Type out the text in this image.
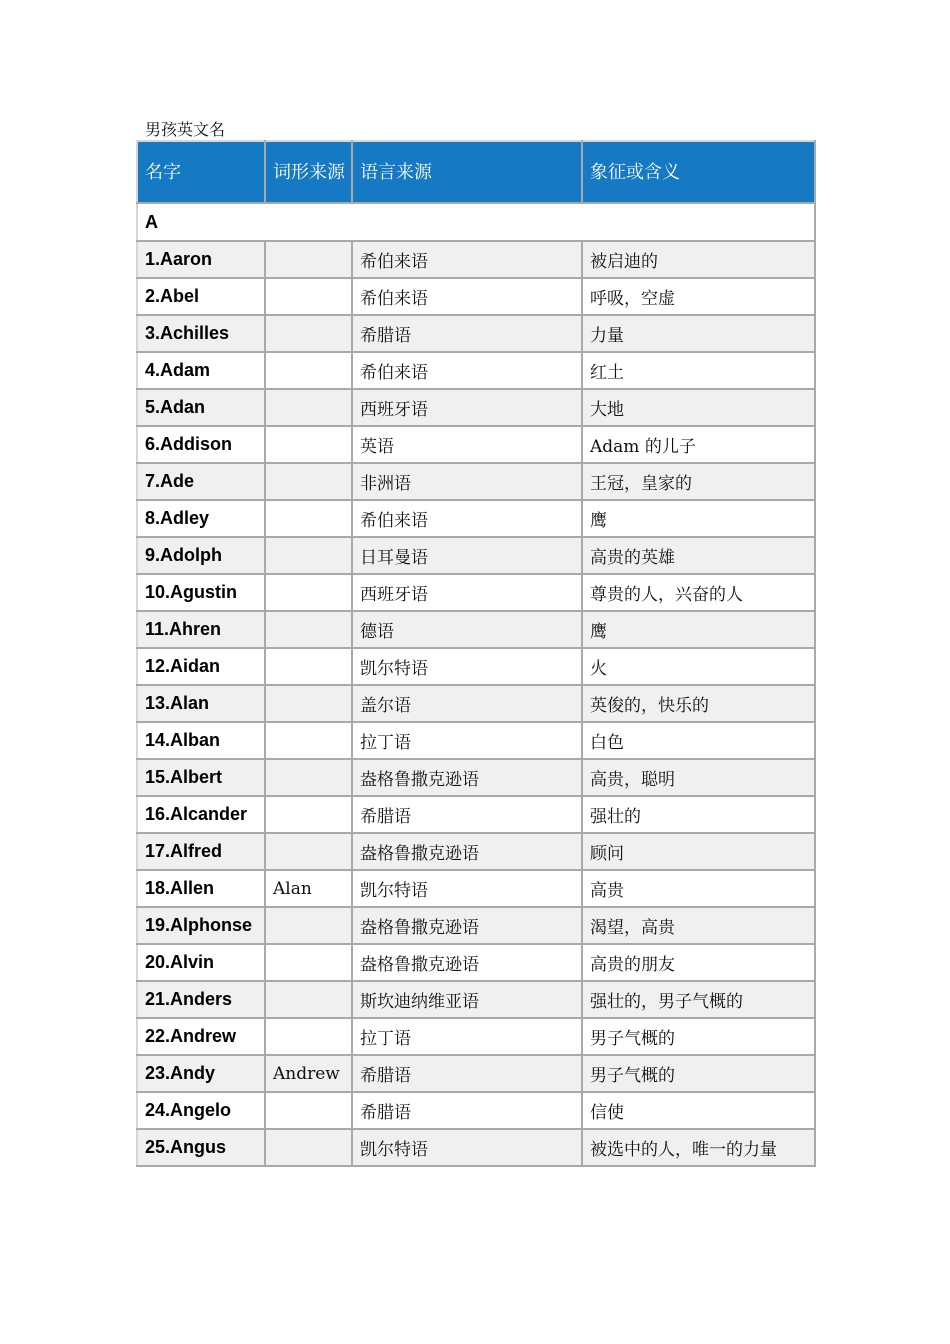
男孩英文名
名字	词形来源	语言来源	象征或含义
A			
1.Aaron		希伯来语	被启迪的
2.Abel		希伯来语	呼吸，空虚
3.Achilles		希腊语	力量
4.Adam		希伯来语	红土
5.Adan		西班牙语	大地
6.Addison		英语	Adam 的儿子
7.Ade		非洲语	王冠，皇家的
8.Adley		希伯来语	鹰
9.Adolph		日耳曼语	高贵的英雄
10.Agustin		西班牙语	尊贵的人，兴奋的人
11.Ahren		德语	鹰
12.Aidan		凯尔特语	火
13.Alan		盖尔语	英俊的，快乐的
14.Alban		拉丁语	白色
15.Albert		盎格鲁撒克逊语	高贵，聪明
16.Alcander		希腊语	强壮的
17.Alfred		盎格鲁撒克逊语	顾问
18.Allen	Alan	凯尔特语	高贵
19.Alphonse		盎格鲁撒克逊语	渴望，高贵
20.Alvin		盎格鲁撒克逊语	高贵的朋友
21.Anders		斯坎迪纳维亚语	强壮的，男子气概的
22.Andrew		拉丁语	男子气概的
23.Andy	Andrew	希腊语	男子气概的
24.Angelo		希腊语	信使
25.Angus		凯尔特语	被选中的人，唯一的力量
